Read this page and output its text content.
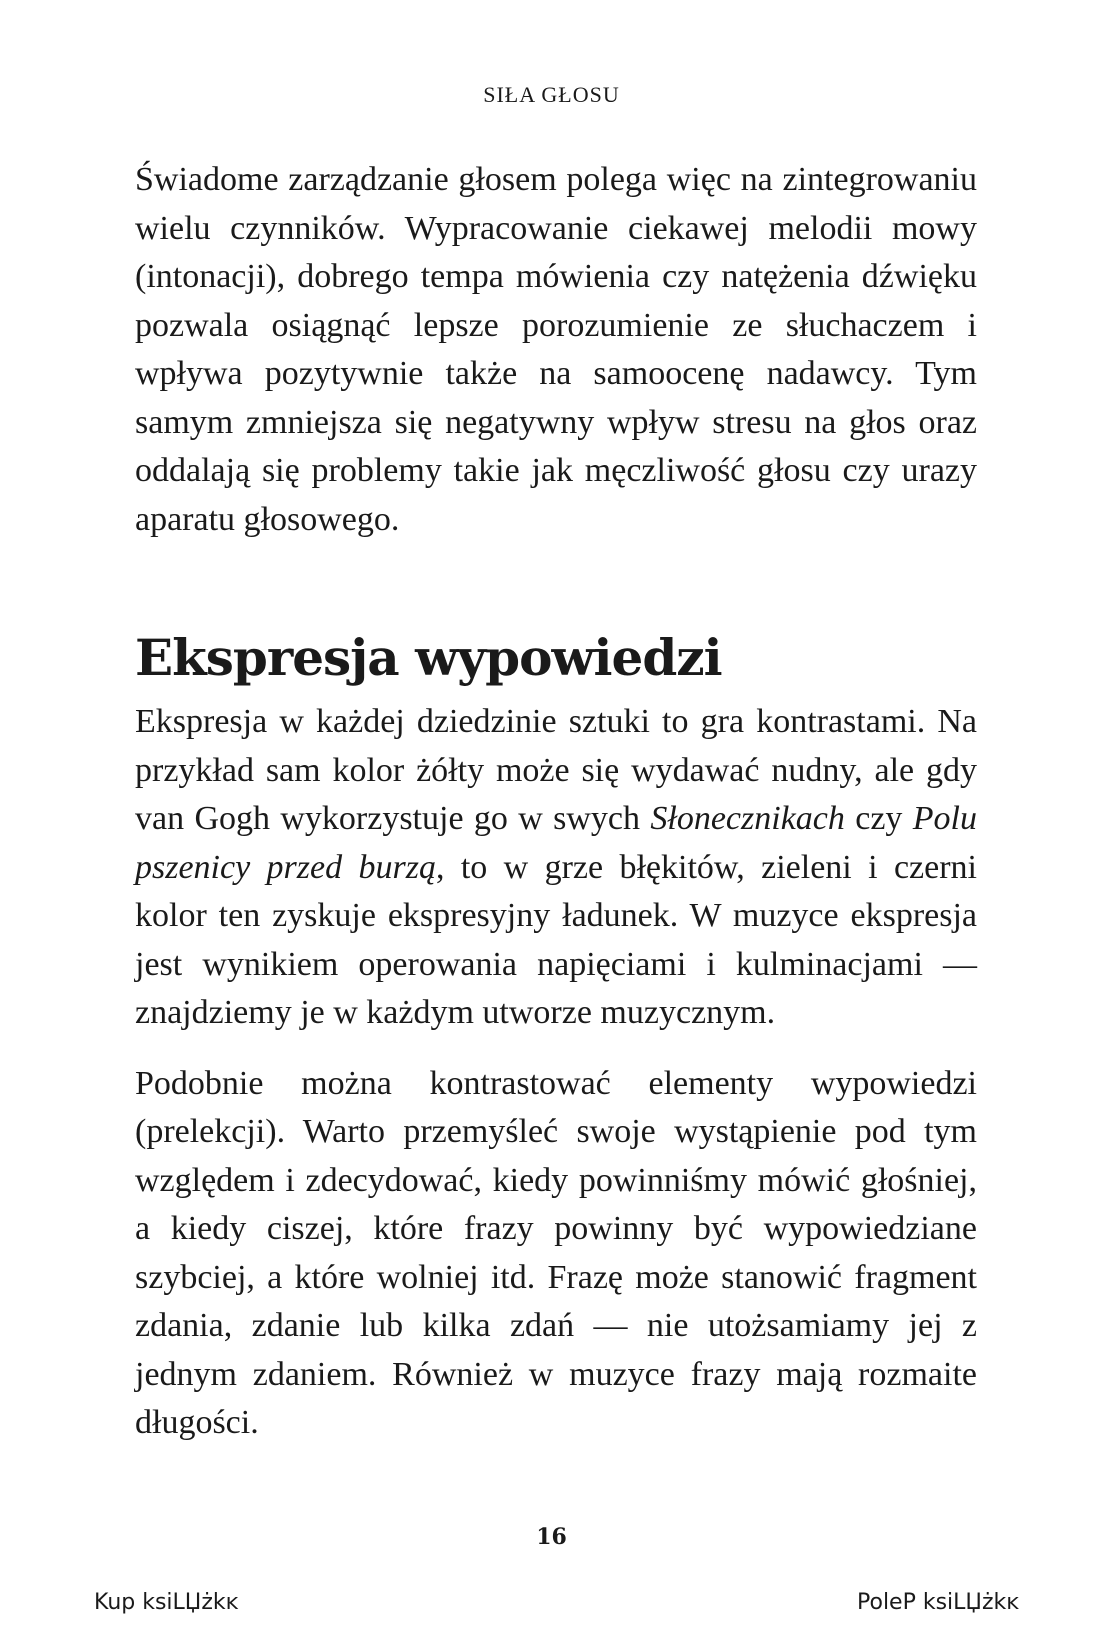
SIŁA GŁOSU

Świadome zarządzanie głosem polega więc na zintegrowaniu wielu czynników. Wypracowanie ciekawej melodii mowy (intonacji), dobrego tempa mówienia czy natężenia dźwięku pozwala osiągnąć lepsze porozumienie ze słuchaczem i wpływa pozytywnie także na samoocenę nadawcy. Tym samym zmniejsza się negatywny wpływ stresu na głos oraz oddalają się problemy takie jak męczliwość głosu czy urazy aparatu głosowego.

Ekspresja wypowiedzi

Ekspresja w każdej dziedzinie sztuki to gra kontrastami. Na przykład sam kolor żółty może się wydawać nudny, ale gdy van Gogh wykorzystuje go w swych Słonecznikach czy Polu pszenicy przed burzą, to w grze błękitów, zieleni i czerni kolor ten zyskuje ekspresyjny ładunek. W muzyce ekspresja jest wynikiem operowania napięciami i kulminacjami — znajdziemy je w każdym utworze muzycznym.

Podobnie można kontrastować elementy wypowiedzi (prelekcji). Warto przemyśleć swoje wystąpienie pod tym względem i zdecydować, kiedy powinniśmy mówić głośniej, a kiedy ciszej, które frazy powinny być wypowiedziane szybciej, a które wolniej itd. Frazę może stanowić fragment zdania, zdanie lub kilka zdań — nie utożsamiamy jej z jednym zdaniem. Również w muzyce frazy mają rozmaite długości.

16
Kup ksiLЏżkĸ	PoleP ksiLЏżkĸ
